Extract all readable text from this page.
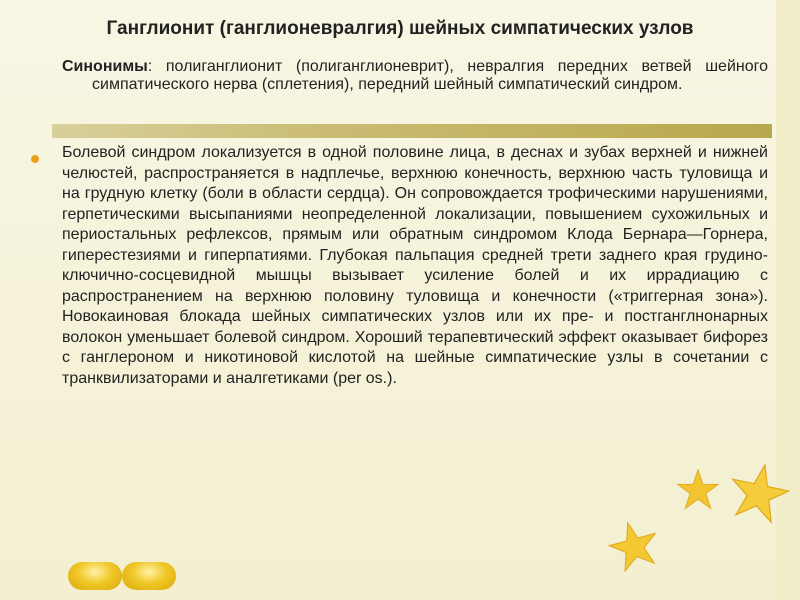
Ганглионит (ганглионевралгия) шейных симпатических узлов
Синонимы: полиганглионит (полиганглионеврит), невралгия передних ветвей шейного симпатического нерва (сплетения), передний шейный симпатический синдром.
Болевой синдром локализуется в одной половине лица, в деснах и зубах верхней и нижней челюстей, распространяется в надплечье, верхнюю конечность, верхнюю часть туловища и на грудную клетку (боли в области сердца). Он сопровождается трофическими нарушениями, герпетическими высыпаниями неопределенной локализации, повышением сухожильных и периостальных рефлексов, прямым или обратным синдромом Клода Бернара—Горнера, гиперестезиями и гиперпатиями. Глубокая пальпация средней трети заднего края грудино-ключично-сосцевидной мышцы вызывает усиление болей и их иррадиацию с распространением на верхнюю половину туловища и конечности («триггерная зона»). Новокаиновая блокада шейных симпатических узлов или их пре- и постганглнонарных волокон уменьшает болевой синдром. Хороший терапевтический эффект оказывает бифорез с ганглероном и никотиновой кислотой на шейные симпатические узлы в сочетании с транквилизаторами и аналгетиками (per os.).
